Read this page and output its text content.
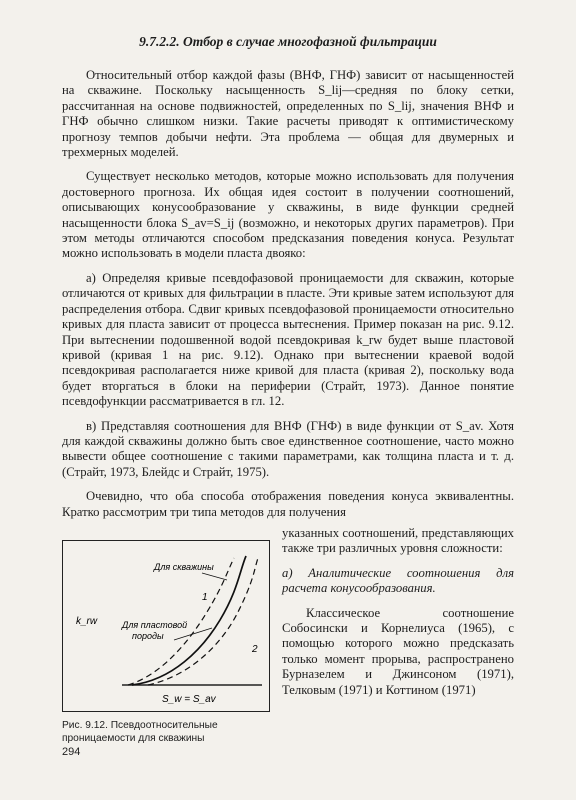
9.7.2.2. Отбор в случае многофазной фильтрации

Относительный отбор каждой фазы (ВНФ, ГНФ) зависит от насыщенностей на скважине. Поскольку насыщенность S_lij—средняя по блоку сетки, рассчитанная на основе подвижностей, определенных по S_lij, значения ВНФ и ГНФ обычно слишком низки. Такие расчеты приводят к оптимистическому прогнозу темпов добычи нефти. Эта проблема — общая для двумерных и трехмерных моделей.

Существует несколько методов, которые можно использовать для получения достоверного прогноза. Их общая идея состоит в получении соотношений, описывающих конусообразование у скважины, в виде функции средней насыщенности блока S_av=S_ij (возможно, и некоторых других параметров). При этом методы отличаются способом предсказания поведения конуса. Результат можно использовать в модели пласта двояко:

а) Определяя кривые псевдофазовой проницаемости для скважин, которые отличаются от кривых для фильтрации в пласте. Эти кривые затем используют для распределения отбора. Сдвиг кривых псевдофазовой проницаемости относительно кривых для пласта зависит от процесса вытеснения. Пример показан на рис. 9.12. При вытеснении подошвенной водой псевдокривая k_rw будет выше пластовой кривой (кривая 1 на рис. 9.12). Однако при вытеснении краевой водой псевдокривая располагается ниже кривой для пласта (кривая 2), поскольку вода будет вторгаться в блоки на периферии (Страйт, 1973). Данное понятие псевдофункции рассматривается в гл. 12.

в) Представляя соотношения для ВНФ (ГНФ) в виде функции от S_av. Хотя для каждой скважины должно быть свое единственное соотношение, часто можно вывести общее соотношение с такими параметрами, как толщина пласта и т. д. (Страйт, 1973, Блейдс и Страйт, 1975).

Очевидно, что оба способа отображения поведения конуса эквивалентны. Кратко рассмотрим три типа методов для получения

Для скважины
Для пластовой
породы
1
2
k_rw
S_w = S_av
Рис. 9.12. Псевдоотносительные проницаемости для скважины

указанных соотношений, представляющих также три различных уровня сложности:

а) Аналитические соотношения для расчета конусообразования.

Классическое соотношение Собосински и Корнелиуса (1965), с помощью которого можно предсказать только момент прорыва, распространено Бурназелем и Джинсоном (1971), Телковым (1971) и Коттином (1971)

294
